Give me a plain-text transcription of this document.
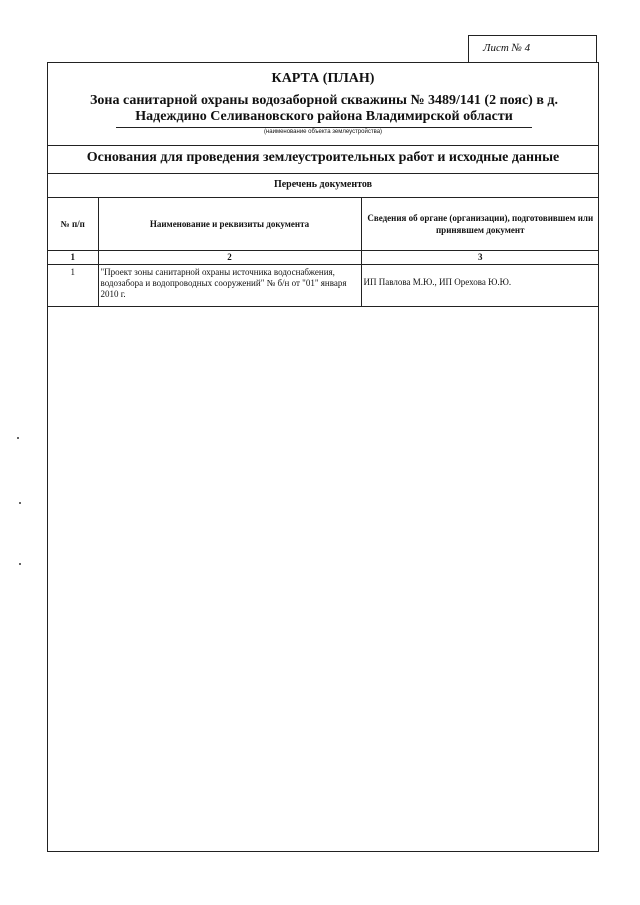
Лист № 4
КАРТА (ПЛАН)
Зона санитарной охраны водозаборной скважины № 3489/141 (2 пояс) в д. Надеждино Селивановского района Владимирской области
(наименование объекта землеустройства)
Основания для проведения землеустроительных работ и исходные данные
Перечень документов
№ п/п	Наименование и реквизиты документа	Сведения об органе (организации), подготовившем или принявшем документ
1	2	3
1	"Проект зоны санитарной охраны источника водоснабжения, водозабора и водопроводных сооружений" № б/н от "01" января 2010 г.	ИП Павлова М.Ю., ИП Орехова Ю.Ю.
